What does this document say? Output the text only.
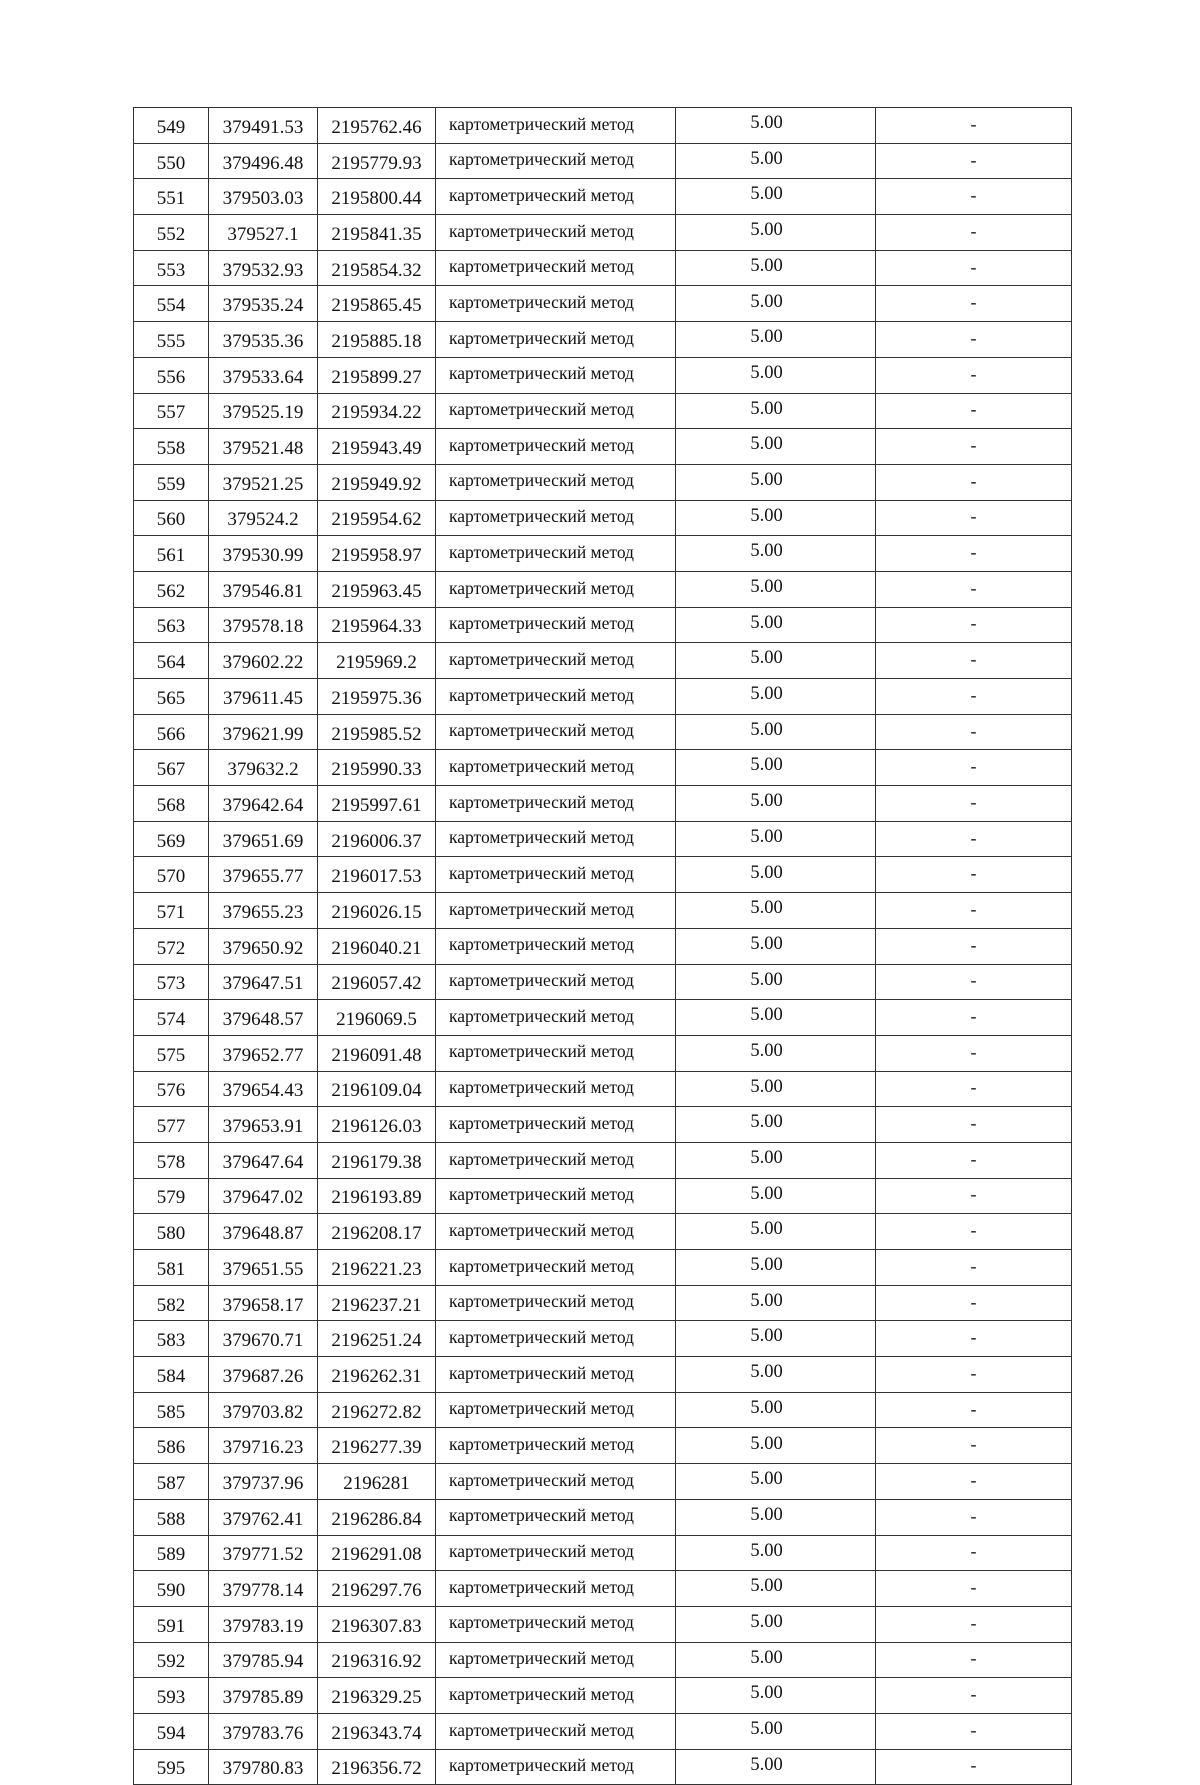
549	379491.53	2195762.46	картометрический метод	5.00	-
550	379496.48	2195779.93	картометрический метод	5.00	-
551	379503.03	2195800.44	картометрический метод	5.00	-
552	379527.1	2195841.35	картометрический метод	5.00	-
553	379532.93	2195854.32	картометрический метод	5.00	-
554	379535.24	2195865.45	картометрический метод	5.00	-
555	379535.36	2195885.18	картометрический метод	5.00	-
556	379533.64	2195899.27	картометрический метод	5.00	-
557	379525.19	2195934.22	картометрический метод	5.00	-
558	379521.48	2195943.49	картометрический метод	5.00	-
559	379521.25	2195949.92	картометрический метод	5.00	-
560	379524.2	2195954.62	картометрический метод	5.00	-
561	379530.99	2195958.97	картометрический метод	5.00	-
562	379546.81	2195963.45	картометрический метод	5.00	-
563	379578.18	2195964.33	картометрический метод	5.00	-
564	379602.22	2195969.2	картометрический метод	5.00	-
565	379611.45	2195975.36	картометрический метод	5.00	-
566	379621.99	2195985.52	картометрический метод	5.00	-
567	379632.2	2195990.33	картометрический метод	5.00	-
568	379642.64	2195997.61	картометрический метод	5.00	-
569	379651.69	2196006.37	картометрический метод	5.00	-
570	379655.77	2196017.53	картометрический метод	5.00	-
571	379655.23	2196026.15	картометрический метод	5.00	-
572	379650.92	2196040.21	картометрический метод	5.00	-
573	379647.51	2196057.42	картометрический метод	5.00	-
574	379648.57	2196069.5	картометрический метод	5.00	-
575	379652.77	2196091.48	картометрический метод	5.00	-
576	379654.43	2196109.04	картометрический метод	5.00	-
577	379653.91	2196126.03	картометрический метод	5.00	-
578	379647.64	2196179.38	картометрический метод	5.00	-
579	379647.02	2196193.89	картометрический метод	5.00	-
580	379648.87	2196208.17	картометрический метод	5.00	-
581	379651.55	2196221.23	картометрический метод	5.00	-
582	379658.17	2196237.21	картометрический метод	5.00	-
583	379670.71	2196251.24	картометрический метод	5.00	-
584	379687.26	2196262.31	картометрический метод	5.00	-
585	379703.82	2196272.82	картометрический метод	5.00	-
586	379716.23	2196277.39	картометрический метод	5.00	-
587	379737.96	2196281	картометрический метод	5.00	-
588	379762.41	2196286.84	картометрический метод	5.00	-
589	379771.52	2196291.08	картометрический метод	5.00	-
590	379778.14	2196297.76	картометрический метод	5.00	-
591	379783.19	2196307.83	картометрический метод	5.00	-
592	379785.94	2196316.92	картометрический метод	5.00	-
593	379785.89	2196329.25	картометрический метод	5.00	-
594	379783.76	2196343.74	картометрический метод	5.00	-
595	379780.83	2196356.72	картометрический метод	5.00	-
